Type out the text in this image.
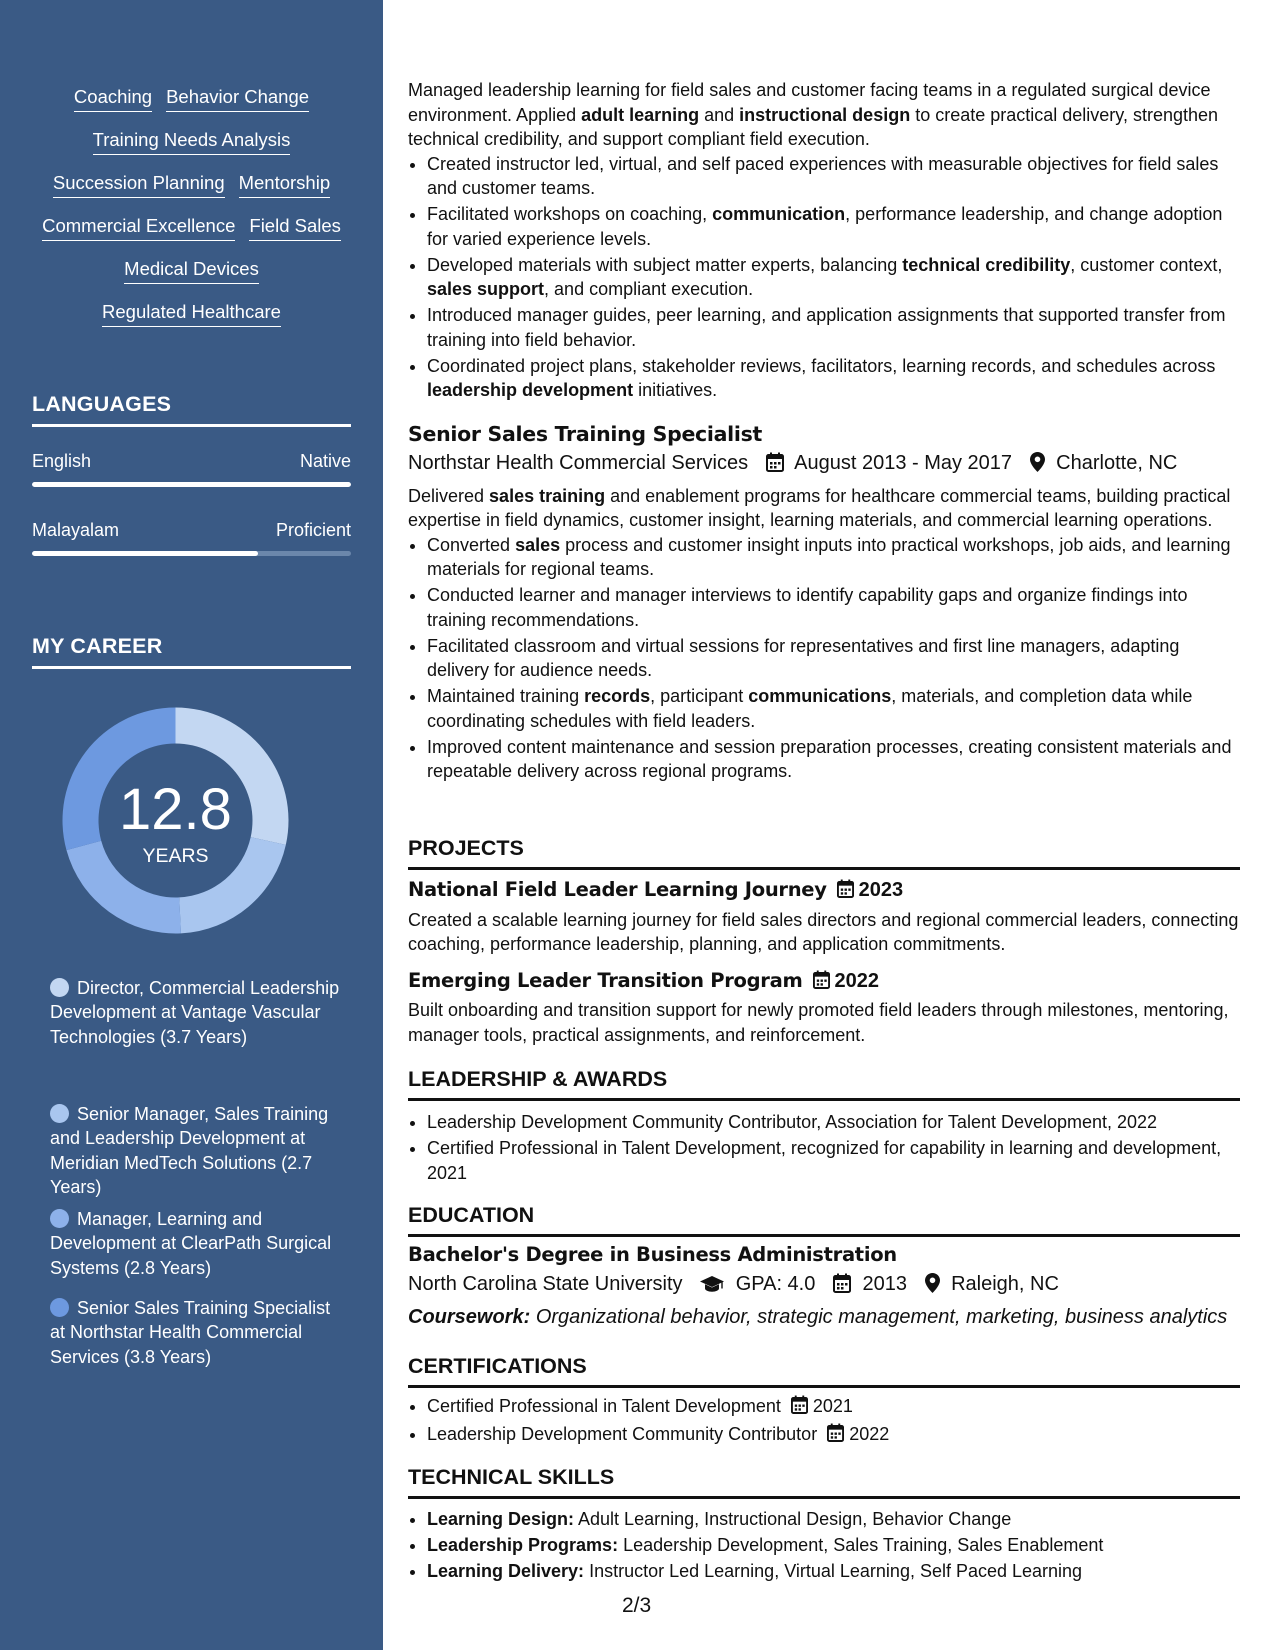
Coaching Behavior Change
Training Needs Analysis
Succession Planning Mentorship
Commercial Excellence Field Sales
Medical Devices
Regulated Healthcare
LANGUAGES
English	Native
Malayalam	Proficient
MY CAREER
12.8
YEARS
Director, Commercial Leadership Development at Vantage Vascular Technologies (3.7 Years)
Senior Manager, Sales Training and Leadership Development at Meridian MedTech Solutions (2.7 Years)
Manager, Learning and Development at ClearPath Surgical Systems (2.8 Years)
Senior Sales Training Specialist at Northstar Health Commercial Services (3.8 Years)

Managed leadership learning for field sales and customer facing teams in a regulated surgical device environment. Applied adult learning and instructional design to create practical delivery, strengthen technical credibility, and support compliant field execution.

• Created instructor led, virtual, and self paced experiences with measurable objectives for field sales and customer teams.
• Facilitated workshops on coaching, communication, performance leadership, and change adoption for varied experience levels.
• Developed materials with subject matter experts, balancing technical credibility, customer context, sales support, and compliant execution.
• Introduced manager guides, peer learning, and application assignments that supported transfer from training into field behavior.
• Coordinated project plans, stakeholder reviews, facilitators, learning records, and schedules across leadership development initiatives.
Senior Sales Training Specialist
Northstar Health Commercial Services August 2013 - May 2017 Charlotte, NC

Delivered sales training and enablement programs for healthcare commercial teams, building practical expertise in field dynamics, customer insight, learning materials, and commercial learning operations.

• Converted sales process and customer insight inputs into practical workshops, job aids, and learning materials for regional teams.
• Conducted learner and manager interviews to identify capability gaps and organize findings into training recommendations.
• Facilitated classroom and virtual sessions for representatives and first line managers, adapting delivery for audience needs.
• Maintained training records, participant communications, materials, and completion data while coordinating schedules with field leaders.
• Improved content maintenance and session preparation processes, creating consistent materials and repeatable delivery across regional programs.
PROJECTS
National Field Leader Learning Journey 2023

Created a scalable learning journey for field sales directors and regional commercial leaders, connecting coaching, performance leadership, planning, and application commitments.

Emerging Leader Transition Program 2022

Built onboarding and transition support for newly promoted field leaders through milestones, mentoring, manager tools, practical assignments, and reinforcement.

LEADERSHIP & AWARDS
• Leadership Development Community Contributor, Association for Talent Development, 2022
• Certified Professional in Talent Development, recognized for capability in learning and development, 2021
EDUCATION
Bachelor's Degree in Business Administration
North Carolina State University	GPA: 4.0 2013 Raleigh, NC
Coursework: Organizational behavior, strategic management, marketing, business analytics
CERTIFICATIONS
• Certified Professional in Talent Development 2021
• Leadership Development Community Contributor 2022
TECHNICAL SKILLS
• Learning Design: Adult Learning, Instructional Design, Behavior Change
• Leadership Programs: Leadership Development, Sales Training, Sales Enablement
• Learning Delivery: Instructor Led Learning, Virtual Learning, Self Paced Learning
2/3
